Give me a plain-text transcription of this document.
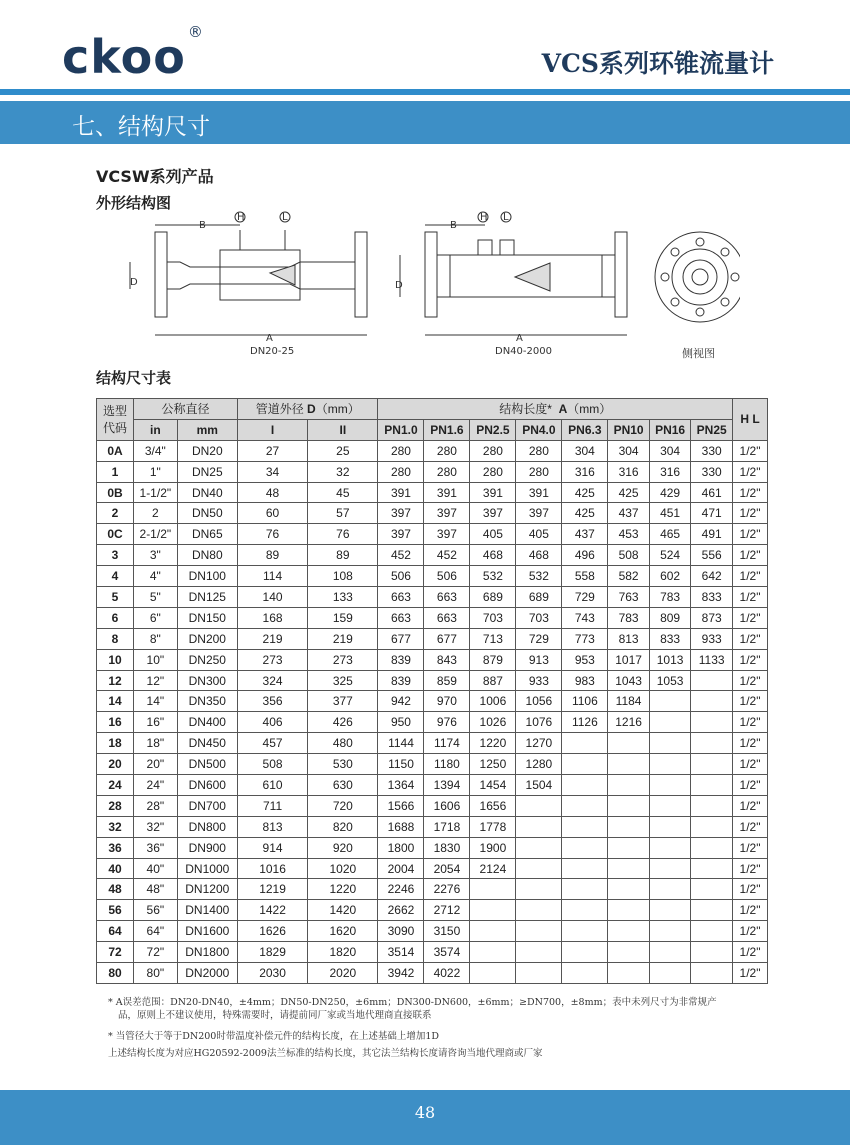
ckoo ®
VCS系列环锥流量计
七、结构尺寸
VCSW系列产品
外形结构图
B
D
A
H	L
DN20-25
B
D
A
H L
DN40-2000	侧视图
结构尺寸表
选型
代码	公称直径		管道外径 D（mm）		结构长度* A（mm）								H L
	in	mm	I	II	PN1.0	PN1.6	PN2.5	PN4.0	PN6.3	PN10	PN16	PN25	
0A	3/4"	DN20	27	25	280	280	280	280	304	304	304	330	1/2"
1	1"	DN25	34	32	280	280	280	280	316	316	316	330	1/2"
0B	1-1/2"	DN40	48	45	391	391	391	391	425	425	429	461	1/2"
2	2	DN50	60	57	397	397	397	397	425	437	451	471	1/2"
0C	2-1/2"	DN65	76	76	397	397	405	405	437	453	465	491	1/2"
3	3"	DN80	89	89	452	452	468	468	496	508	524	556	1/2"
4	4"	DN100	114	108	506	506	532	532	558	582	602	642	1/2"
5	5"	DN125	140	133	663	663	689	689	729	763	783	833	1/2"
6	6"	DN150	168	159	663	663	703	703	743	783	809	873	1/2"
8	8"	DN200	219	219	677	677	713	729	773	813	833	933	1/2"
10	10"	DN250	273	273	839	843	879	913	953	1017	1013	1133	1/2"
12	12"	DN300	324	325	839	859	887	933	983	1043	1053		1/2"
14	14"	DN350	356	377	942	970	1006	1056	1106	1184			1/2"
16	16"	DN400	406	426	950	976	1026	1076	1126	1216			1/2"
18	18"	DN450	457	480	1144	1174	1220	1270					1/2"
20	20"	DN500	508	530	1150	1180	1250	1280					1/2"
24	24"	DN600	610	630	1364	1394	1454	1504					1/2"
28	28"	DN700	711	720	1566	1606	1656						1/2"
32	32"	DN800	813	820	1688	1718	1778						1/2"
36	36"	DN900	914	920	1800	1830	1900						1/2"
40	40"	DN1000	1016	1020	2004	2054	2124						1/2"
48	48"	DN1200	1219	1220	2246	2276							1/2"
56	56"	DN1400	1422	1420	2662	2712							1/2"
64	64"	DN1600	1626	1620	3090	3150							1/2"
72	72"	DN1800	1829	1820	3514	3574							1/2"
80	80"	DN2000	2030	2020	3942	4022							1/2"
* A误差范围：DN20-DN40，±4mm；DN50-DN250，±6mm；DN300-DN600，±6mm；≥DN700，±8mm；表中未列尺寸为非常规产
品，原则上不建议使用，特殊需要时，请提前同厂家或当地代理商直接联系
* 当管径大于等于DN200时带温度补偿元件的结构长度，在上述基础上增加1D
上述结构长度为对应HG20592-2009法兰标准的结构长度，其它法兰结构长度请咨询当地代理商或厂家
48
